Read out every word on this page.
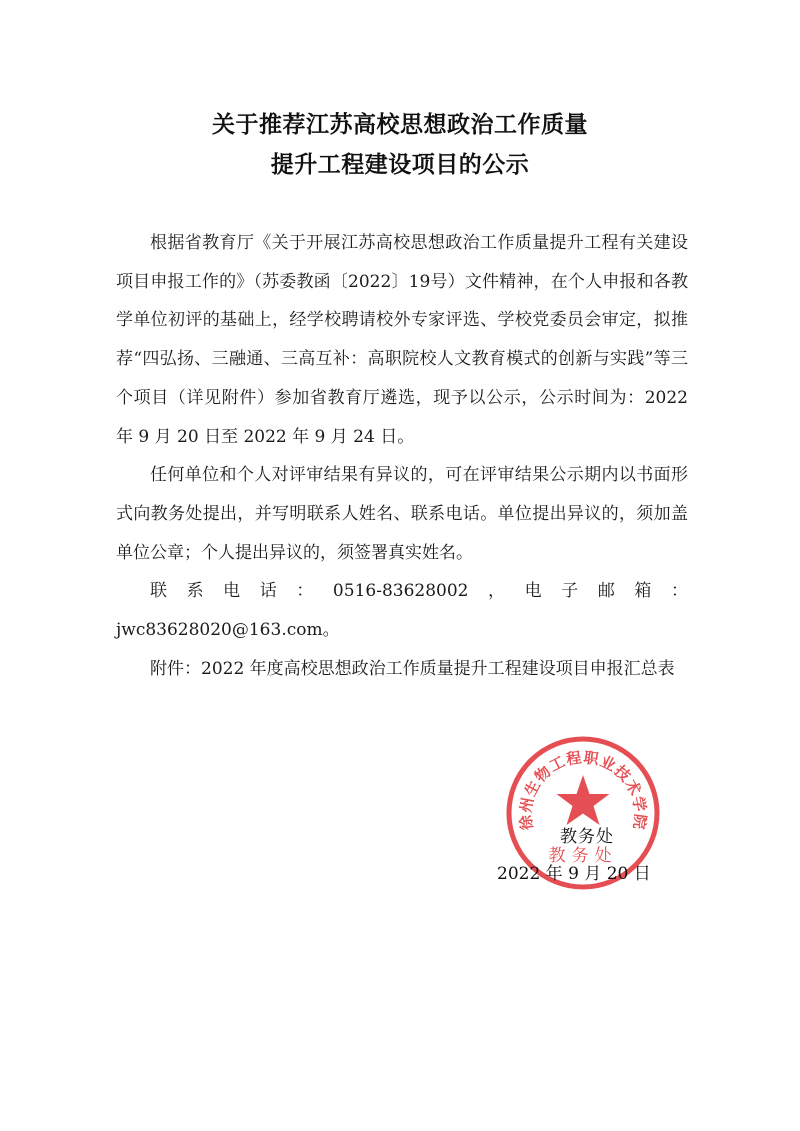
关于推荐江苏高校思想政治工作质量
提升工程建设项目的公示

根据省教育厅《关于开展江苏高校思想政治工作质量提升工程有关建设项目申报工作的》（苏委教函〔2022〕19号）文件精神，在个人申报和各教学单位初评的基础上，经学校聘请校外专家评选、学校党委员会审定，拟推荐“四弘扬、三融通、三高互补：高职院校人文教育模式的创新与实践”等三个项目（详见附件）参加省教育厅遴选，现予以公示，公示时间为：2022 年 9 月 20 日至 2022 年 9 月 24 日。

任何单位和个人对评审结果有异议的，可在评审结果公示期内以书面形式向教务处提出，并写明联系人姓名、联系电话。单位提出异议的，须加盖单位公章；个人提出异议的，须签署真实姓名。

联系电话：0516-83628002，电子邮箱：jwc83628020@163.com。

附件：2022 年度高校思想政治工作质量提升工程建设项目申报汇总表

徐州生物工程职业技术学院
教务处
教务处
2022 年 9 月 20 日
